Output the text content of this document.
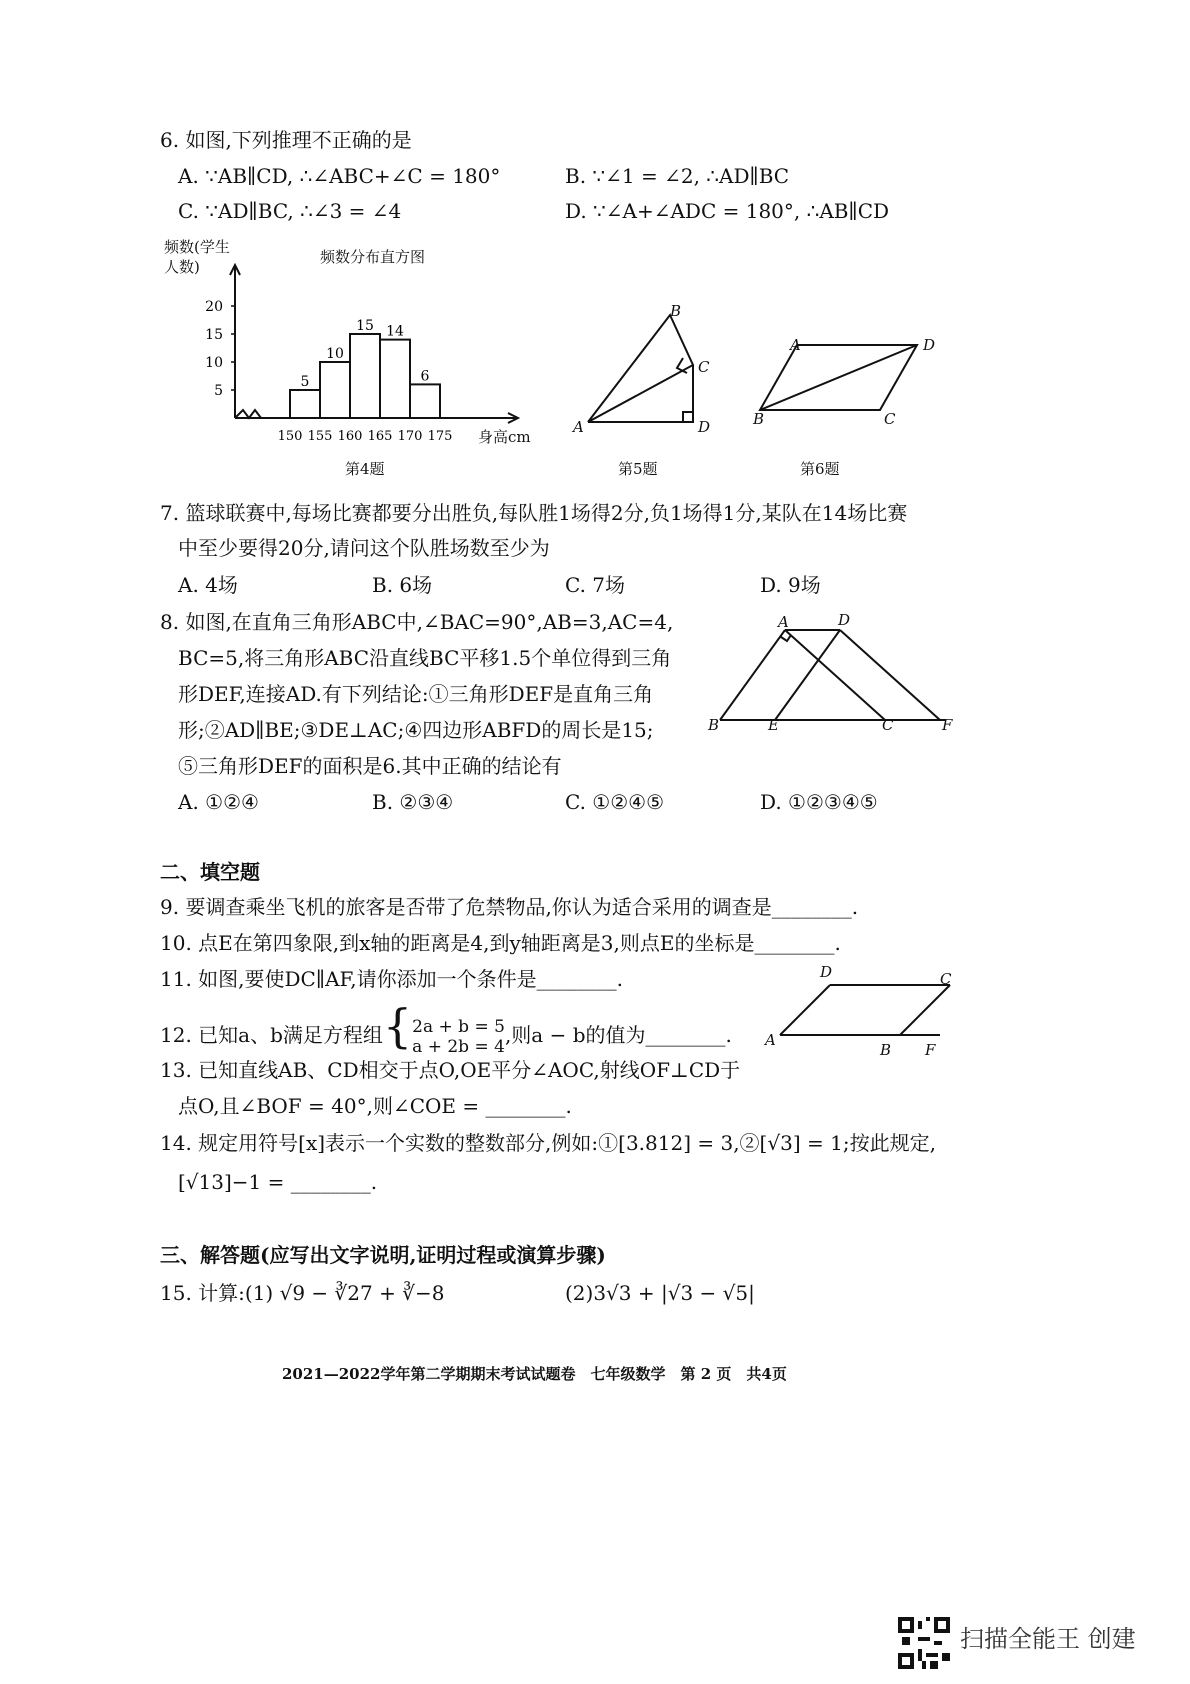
6. 如图,下列推理不正确的是
A. ∵AB∥CD, ∴∠ABC+∠C = 180°	B. ∵∠1 = ∠2, ∴AD∥BC
C. ∵AD∥BC, ∴∠3 = ∠4	D. ∵∠A+∠ADC = 180°, ∴AB∥CD
5
10
15
20
5
10
15 14
6
150 155 160 165 170 175
频数(学生
人数)
频数分布直方图
身高cm
第4题
A
B
C
D
第5题
A	D
B	C
第6题
7. 篮球联赛中,每场比赛都要分出胜负,每队胜1场得2分,负1场得1分,某队在14场比赛
中至少要得20分,请问这个队胜场数至少为
A. 4场	B. 6场	C. 7场	D. 9场
8. 如图,在直角三角形ABC中,∠BAC=90°,AB=3,AC=4,
BC=5,将三角形ABC沿直线BC平移1.5个单位得到三角
形DEF,连接AD.有下列结论:①三角形DEF是直角三角
形;②AD∥BE;③DE⊥AC;④四边形ABFD的周长是15;
⑤三角形DEF的面积是6.其中正确的结论有
A. ①②④	B. ②③④	C. ①②④⑤	D. ①②③④⑤
A	D
B	E	C	F
二、填空题
9. 要调查乘坐飞机的旅客是否带了危禁物品,你认为适合采用的调查是________.
10. 点E在第四象限,到x轴的距离是4,到y轴距离是3,则点E的坐标是________.
11. 如图,要使DC∥AF,请你添加一个条件是________.	D	C
A
B F
12. 已知a、b满足方程组{ 2a + b = 5
a + 2b = 4 ,则a − b的值为________.
13. 已知直线AB、CD相交于点O,OE平分∠AOC,射线OF⊥CD于
点O,且∠BOF = 40°,则∠COE = ________.
14. 规定用符号[x]表示一个实数的整数部分,例如:①[3.812] = 3,②[√3] = 1;按此规定,
[√13]−1 = ________.
三、解答题(应写出文字说明,证明过程或演算步骤)
15. 计算:(1) √9 − ∛27 + ∛−8	(2)3√3 + |√3 − √5|
2021—2022学年第二学期期末考试试题卷　七年级数学　第 2 页　共4页
扫描全能王 创建
